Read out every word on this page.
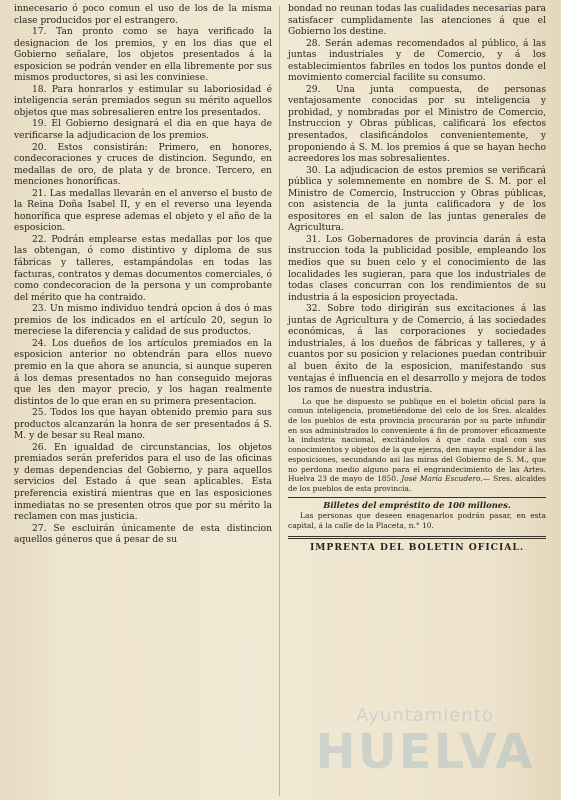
innecesario ó poco comun el uso de los de la misma clase producidos por el estrangero.

17. Tan pronto como se haya verificado la designacion de los premios, y en los dias que el Gobierno señalare, los objetos presentados á la esposicion se podrán vender en ella libremente por sus mismos productores, si asi les conviniese.

18. Para honrarlos y estimular su laboriosidad é inteligencia serán premiados segun su mérito aquellos objetos que mas sobresalieren entre los presentados.

19. El Gobierno designará el dia en que haya de verificarse la adjudicacion de los premios.

20. Estos consistirán: Primero, en honores, condecoraciones y cruces de distincion. Segundo, en medallas de oro, de plata y de bronce. Tercero, en menciones honoríficas.

21. Las medallas llevarán en el anverso el busto de la Reina Doña Isabel II, y en el reverso una leyenda honorífica que esprese ademas el objeto y el año de la esposicion.

22. Podrán emplearse estas medallas por los que las obtengan, ó como distintivo y diploma de sus fábricas y talleres, estampándolas en todas las facturas, contratos y demas documentos comerciales, ó como condecoracion de la persona y un comprobante del mérito que ha contraido.

23. Un mismo individuo tendrá opcion á dos ó mas premios de los indicados en el artículo 20, segun lo mereciese la diferencia y calidad de sus productos.

24. Los dueños de los artículos premiados en la esposicion anterior no obtendrán para ellos nuevo premio en la que ahora se anuncia, si aunque superen á los demas presentados no han conseguido mejoras que les den mayor precio, y los hagan realmente distintos de lo que eran en su primera presentacion.

25. Todos los que hayan obtenido premio para sus productos alcanzarán la honra de ser presentados á S. M. y de besar su Real mano.

26. En igualdad de circunstancias, los objetos premiados serán preferidos para el uso de las oficinas y demas dependencias del Gobierno, y para aquellos servicios del Estado á que sean aplicables. Esta preferencia existirá mientras que en las esposiciones inmediatas no se presenten otros que por su mérito la reclamen con mas justicia.

27. Se escluirán únicamente de esta distincion aquellos géneros que á pesar de su

bondad no reunan todas las cualidades necesarias para satisfacer cumplidamente las atenciones á que el Gobierno los destine.

28. Serán ademas recomendados al público, á las juntas industriales y de Comercio, y á los establecimientos fabriles en todos los puntos donde el movimiento comercial facilite su consumo.

29. Una junta compuesta, de personas ventajosamente conocidas por su inteligencia y probidad, y nombradas por el Ministro de Comercio, Instruccion y Obras públicas, calificará los efectos presentados, clasificándolos convenientemente, y proponiendo á S. M. los premios á que se hayan hecho acreedores los mas sobresalientes.

30. La adjudicacion de estos premios se verificará pública y solemnemente en nombre de S. M. por el Ministro de Comercio, Instruccion y Obras públicas, con asistencia de la junta calificadora y de los espositores en el salon de las juntas generales de Agricultura.

31. Los Gobernadores de provincia darán á esta instruccion toda la publicidad posible, empleando los medios que su buen celo y el conocimiento de las localidades les sugieran, para que los industriales de todas clases concurran con los rendimientos de su industria á la esposicion proyectada.

32. Sobre todo dirigirán sus excitaciones á las juntas de Agricultura y de Comercio, á las sociedades económicas, á las corporaciones y sociedades industriales, á los dueños de fábricas y talleres, y á cuantos por su posicion y relaciones puedan contribuir al buen éxito de la esposicion, manifestando sus ventajas é influencia en el desarrollo y mejora de todos los ramos de nuestra industria.

Lo que he dispuesto se publique en el boletin oficial para la comun inteligencia, prometiéndome del celo de los Sres. alcaldes de los pueblos de esta provincia procurarán por su parte infundir en sus administrados lo conveniente á fin de promover eficazmente la industria nacional, excitándolos á que cada cual con sus conocimientos y objetos de la que ejerza, den mayor esplendor á las esposiciones, secundando asi las miras del Gobierno de S. M., que no perdona medio alguno para el engrandecimiento de las Artes. Huelva 23 de mayo de 1850. José María Escudero.— Sres. alcaldes de los pueblos de esta provincia.

Billetes del empréstito de 100 millones.

Las personas que deseen enagenarlos podrán pasar, en esta capital, á la calle de la Placeta, n.° 10.

IMPRENTA DEL BOLETIN OFICIAL.
Ayuntamiento
HUELVA
